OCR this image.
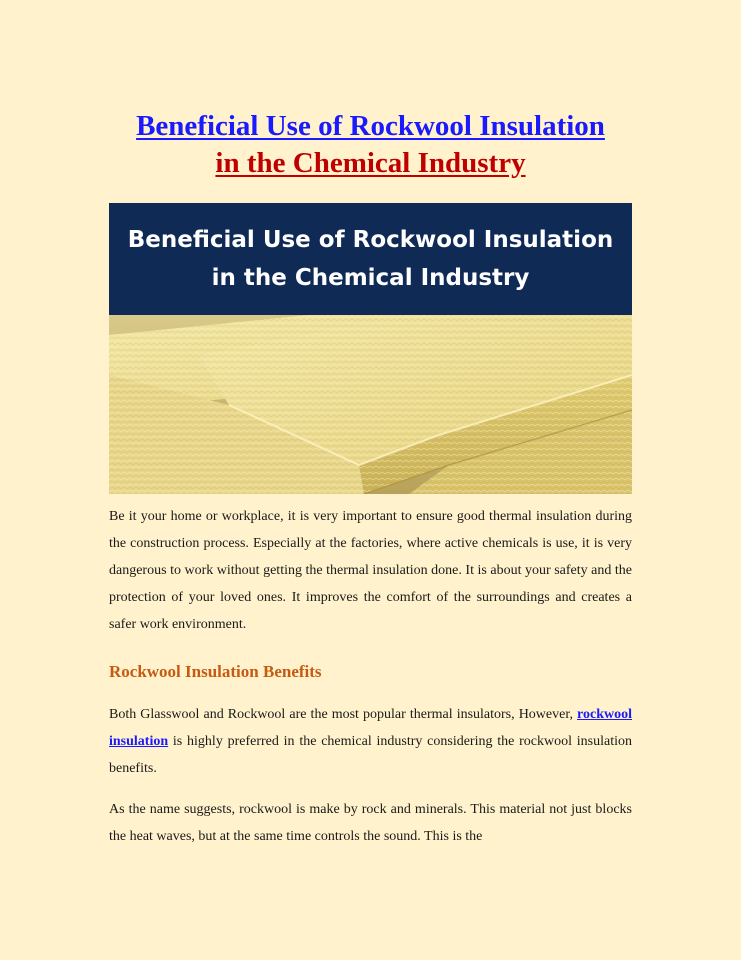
Beneficial Use of Rockwool Insulation
in the Chemical Industry
Beneficial Use of Rockwool Insulation in the Chemical Industry

Be it your home or workplace, it is very important to ensure good thermal insulation during the construction process. Especially at the factories, where active chemicals is use, it is very dangerous to work without getting the thermal insulation done. It is about your safety and the protection of your loved ones. It improves the comfort of the surroundings and creates a safer work environment.

Rockwool Insulation Benefits

Both Glasswool and Rockwool are the most popular thermal insulators, However, rockwool insulation is highly preferred in the chemical industry considering the rockwool insulation benefits.

As the name suggests, rockwool is make by rock and minerals. This material not just blocks the heat waves, but at the same time controls the sound. This is the
